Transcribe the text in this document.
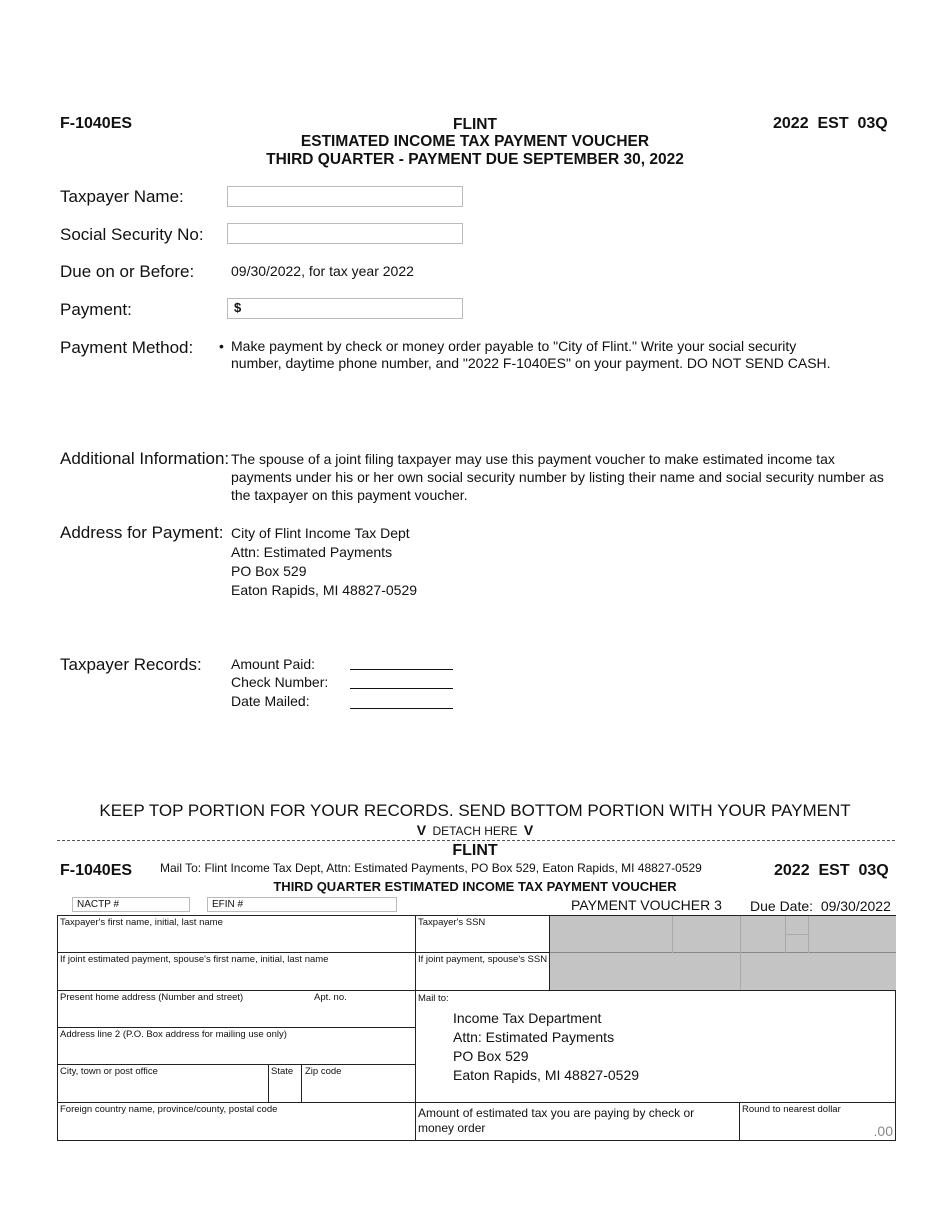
F-1040ES	FLINT
ESTIMATED INCOME TAX PAYMENT VOUCHER
THIRD QUARTER - PAYMENT DUE SEPTEMBER 30, 2022
2022  EST  03Q
Taxpayer Name:
Social Security No:
Due on or Before:	09/30/2022, for tax year 2022
Payment:	$
Payment Method: • Make payment by check or money order payable to "City of Flint." Write your social security
number, daytime phone number, and "2022 F-1040ES" on your payment. DO NOT SEND CASH.
Additional Information: The spouse of a joint filing taxpayer may use this payment voucher to make estimated income tax
payments under his or her own social security number by listing their name and social security number as
the taxpayer on this payment voucher.
Address for Payment: City of Flint Income Tax Dept
Attn: Estimated Payments
PO Box 529
Eaton Rapids, MI 48827-0529
Taxpayer Records: Amount Paid:
Check Number:
Date Mailed:
KEEP TOP PORTION FOR YOUR RECORDS. SEND BOTTOM PORTION WITH YOUR PAYMENT
V DETACH HERE V
FLINT
F-1040ES Mail To: Flint Income Tax Dept, Attn: Estimated Payments, PO Box 529, Eaton Rapids, MI 48827-0529	2022  EST  03Q
THIRD QUARTER ESTIMATED INCOME TAX PAYMENT VOUCHER
NACTP #	EFIN #	PAYMENT VOUCHER 3 Due Date:  09/30/2022
Taxpayer's first name, initial, last name
If joint estimated payment, spouse's first name, initial, last name
Present home address (Number and street)	Apt. no.
Address line 2 (P.O. Box address for mailing use only)
City, town or post office	State Zip code
Foreign country name, province/county, postal code
Taxpayer's SSN
If joint payment, spouse's SSN
Mail to:
Income Tax Department
Attn: Estimated Payments
PO Box 529
Eaton Rapids, MI 48827-0529
Amount of estimated tax you are paying by check or
money order
Round to nearest dollar
.00
